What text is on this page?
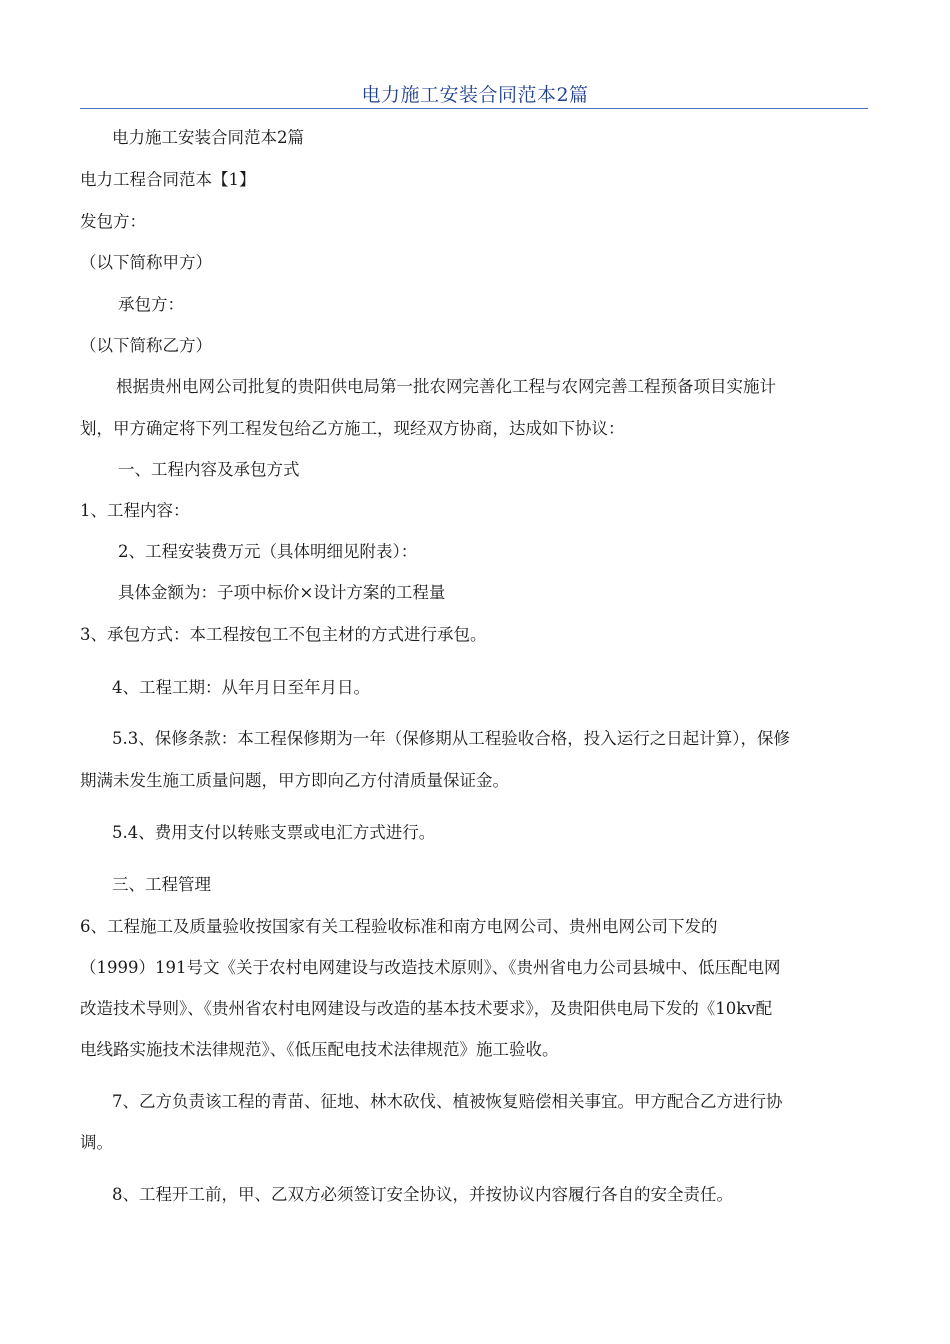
电力施工安装合同范本2篇
电力施工安装合同范本2篇
电力工程合同范本【1】
发包方：
（以下简称甲方）
承包方：
（以下简称乙方）
根据贵州电网公司批复的贵阳供电局第一批农网完善化工程与农网完善工程预备项目实施计
划，甲方确定将下列工程发包给乙方施工，现经双方协商，达成如下协议：
一、工程内容及承包方式
1、工程内容：
2、工程安装费万元（具体明细见附表）：
具体金额为：子项中标价×设计方案的工程量
3、承包方式：本工程按包工不包主材的方式进行承包。
4、工程工期：从年月日至年月日。
5.3、保修条款：本工程保修期为一年（保修期从工程验收合格，投入运行之日起计算），保修
期满未发生施工质量问题，甲方即向乙方付清质量保证金。
5.4、费用支付以转账支票或电汇方式进行。
三、工程管理
6、工程施工及质量验收按国家有关工程验收标准和南方电网公司、贵州电网公司下发的
（1999）191号文《关于农村电网建设与改造技术原则》、《贵州省电力公司县城中、低压配电网
改造技术导则》、《贵州省农村电网建设与改造的基本技术要求》，及贵阳供电局下发的《10kv配
电线路实施技术法律规范》、《低压配电技术法律规范》施工验收。
7、乙方负责该工程的青苗、征地、林木砍伐、植被恢复赔偿相关事宜。甲方配合乙方进行协
调。
8、工程开工前，甲、乙双方必须签订安全协议，并按协议内容履行各自的安全责任。
